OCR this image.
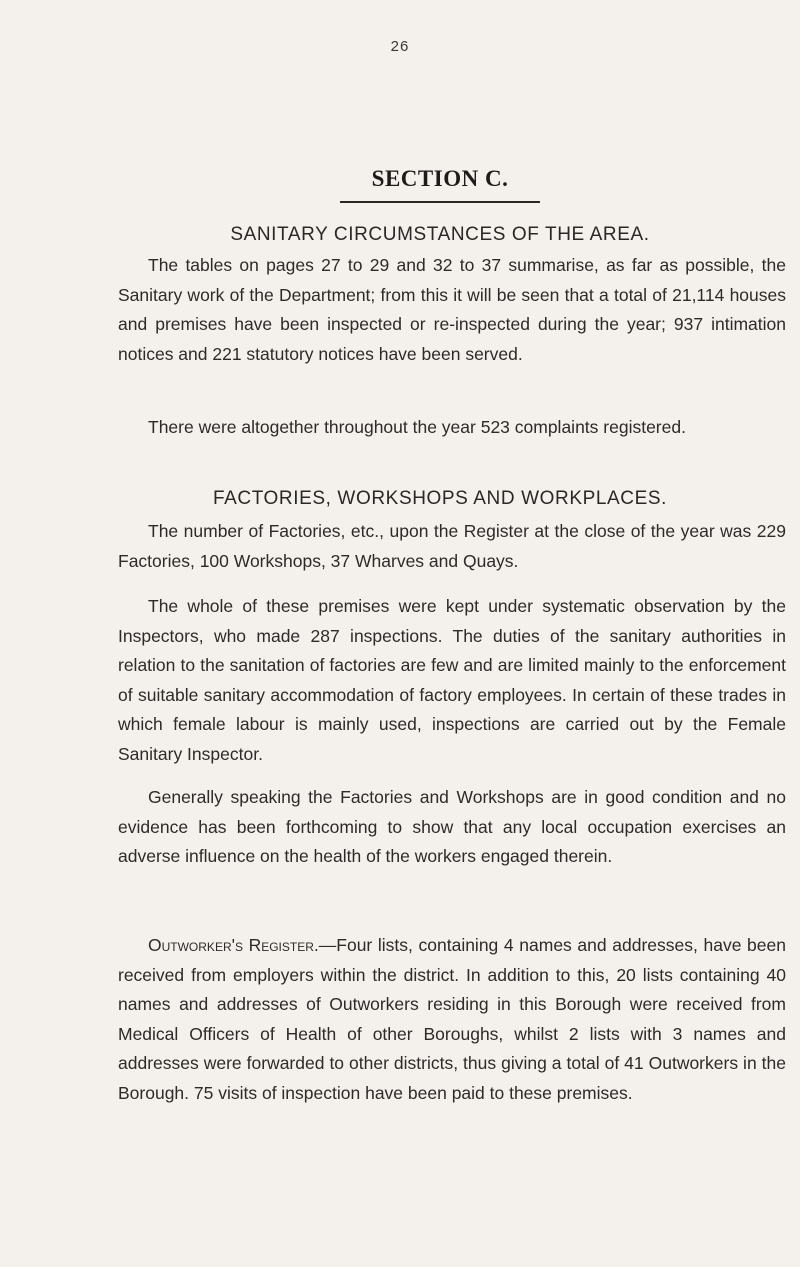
26
SECTION C.
SANITARY CIRCUMSTANCES OF THE AREA.

The tables on pages 27 to 29 and 32 to 37 summarise, as far as possible, the Sanitary work of the Department; from this it will be seen that a total of 21,114 houses and premises have been inspected or re-inspected during the year; 937 intimation notices and 221 statutory notices have been served.

There were altogether throughout the year 523 complaints registered.

FACTORIES, WORKSHOPS AND WORKPLACES.

The number of Factories, etc., upon the Register at the close of the year was 229 Factories, 100 Workshops, 37 Wharves and Quays.

The whole of these premises were kept under systematic observation by the Inspectors, who made 287 inspections. The duties of the sanitary authorities in relation to the sanitation of factories are few and are limited mainly to the enforcement of suitable sanitary accommodation of factory employees. In certain of these trades in which female labour is mainly used, inspections are carried out by the Female Sanitary Inspector.

Generally speaking the Factories and Workshops are in good condition and no evidence has been forthcoming to show that any local occupation exercises an adverse influence on the health of the workers engaged therein.

Outworker's Register.—Four lists, containing 4 names and addresses, have been received from employers within the district. In addition to this, 20 lists containing 40 names and addresses of Outworkers residing in this Borough were received from Medical Officers of Health of other Boroughs, whilst 2 lists with 3 names and addresses were forwarded to other districts, thus giving a total of 41 Outworkers in the Borough. 75 visits of inspection have been paid to these premises.
